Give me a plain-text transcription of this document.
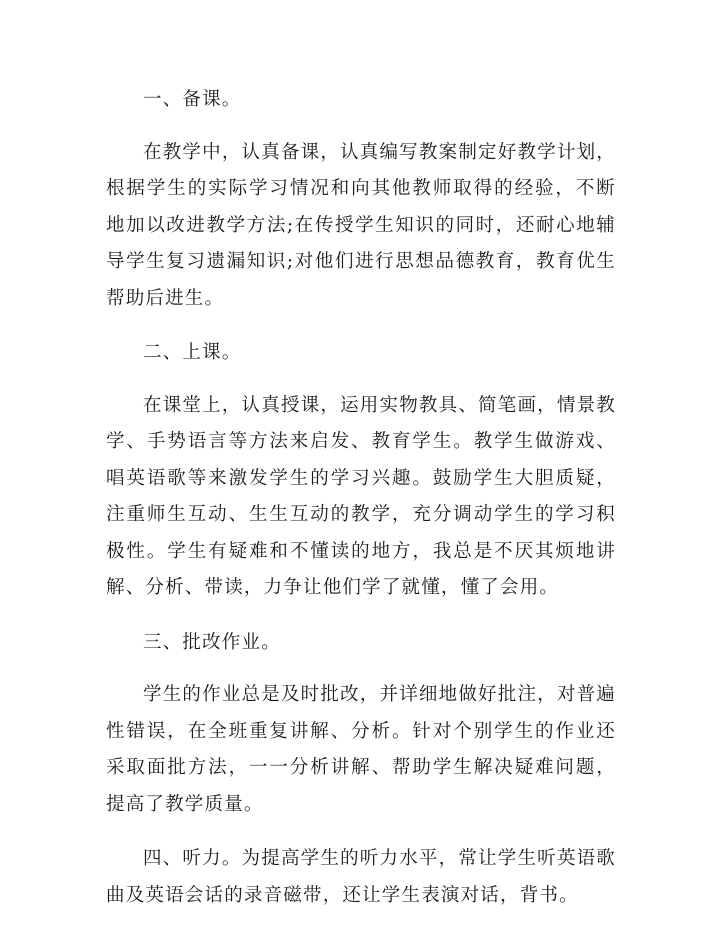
一、备课。

在教学中，认真备课，认真编写教案制定好教学计划，根据学生的实际学习情况和向其他教师取得的经验，不断地加以改进教学方法;在传授学生知识的同时，还耐心地辅导学生复习遗漏知识;对他们进行思想品德教育，教育优生帮助后进生。

二、上课。

在课堂上，认真授课，运用实物教具、简笔画，情景教学、手势语言等方法来启发、教育学生。教学生做游戏、唱英语歌等来激发学生的学习兴趣。鼓励学生大胆质疑，注重师生互动、生生互动的教学，充分调动学生的学习积极性。学生有疑难和不懂读的地方，我总是不厌其烦地讲解、分析、带读，力争让他们学了就懂，懂了会用。

三、批改作业。

学生的作业总是及时批改，并详细地做好批注，对普遍性错误，在全班重复讲解、分析。针对个别学生的作业还采取面批方法，一一分析讲解、帮助学生解决疑难问题，提高了教学质量。

四、听力。为提高学生的听力水平，常让学生听英语歌曲及英语会话的录音磁带，还让学生表演对话，背书。
